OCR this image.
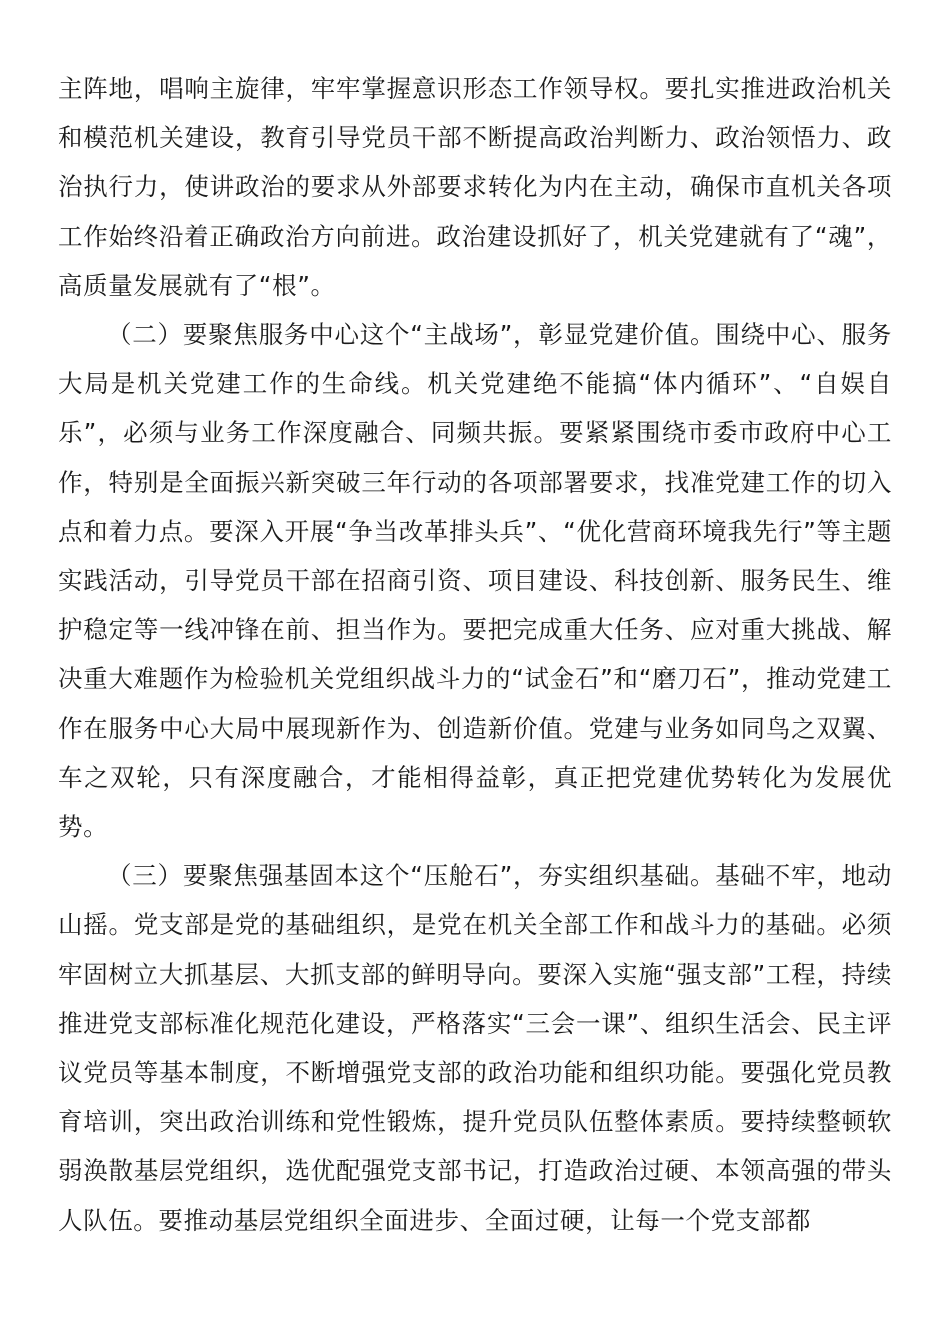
主阵地，唱响主旋律，牢牢掌握意识形态工作领导权。要扎实推进政治机关和模范机关建设，教育引导党员干部不断提高政治判断力、政治领悟力、政治执行力，使讲政治的要求从外部要求转化为内在主动，确保市直机关各项工作始终沿着正确政治方向前进。政治建设抓好了，机关党建就有了“魂”，高质量发展就有了“根”。

（二）要聚焦服务中心这个“主战场”，彰显党建价值。围绕中心、服务大局是机关党建工作的生命线。机关党建绝不能搞“体内循环”、“自娱自乐”，必须与业务工作深度融合、同频共振。要紧紧围绕市委市政府中心工作，特别是全面振兴新突破三年行动的各项部署要求，找准党建工作的切入点和着力点。要深入开展“争当改革排头兵”、“优化营商环境我先行”等主题实践活动，引导党员干部在招商引资、项目建设、科技创新、服务民生、维护稳定等一线冲锋在前、担当作为。要把完成重大任务、应对重大挑战、解决重大难题作为检验机关党组织战斗力的“试金石”和“磨刀石”，推动党建工作在服务中心大局中展现新作为、创造新价值。党建与业务如同鸟之双翼、车之双轮，只有深度融合，才能相得益彰，真正把党建优势转化为发展优势。

（三）要聚焦强基固本这个“压舱石”，夯实组织基础。基础不牢，地动山摇。党支部是党的基础组织，是党在机关全部工作和战斗力的基础。必须牢固树立大抓基层、大抓支部的鲜明导向。要深入实施“强支部”工程，持续推进党支部标准化规范化建设，严格落实“三会一课”、组织生活会、民主评议党员等基本制度，不断增强党支部的政治功能和组织功能。要强化党员教育培训，突出政治训练和党性锻炼，提升党员队伍整体素质。要持续整顿软弱涣散基层党组织，选优配强党支部书记，打造政治过硬、本领高强的带头人队伍。要推动基层党组织全面进步、全面过硬，让每一个党支部都
